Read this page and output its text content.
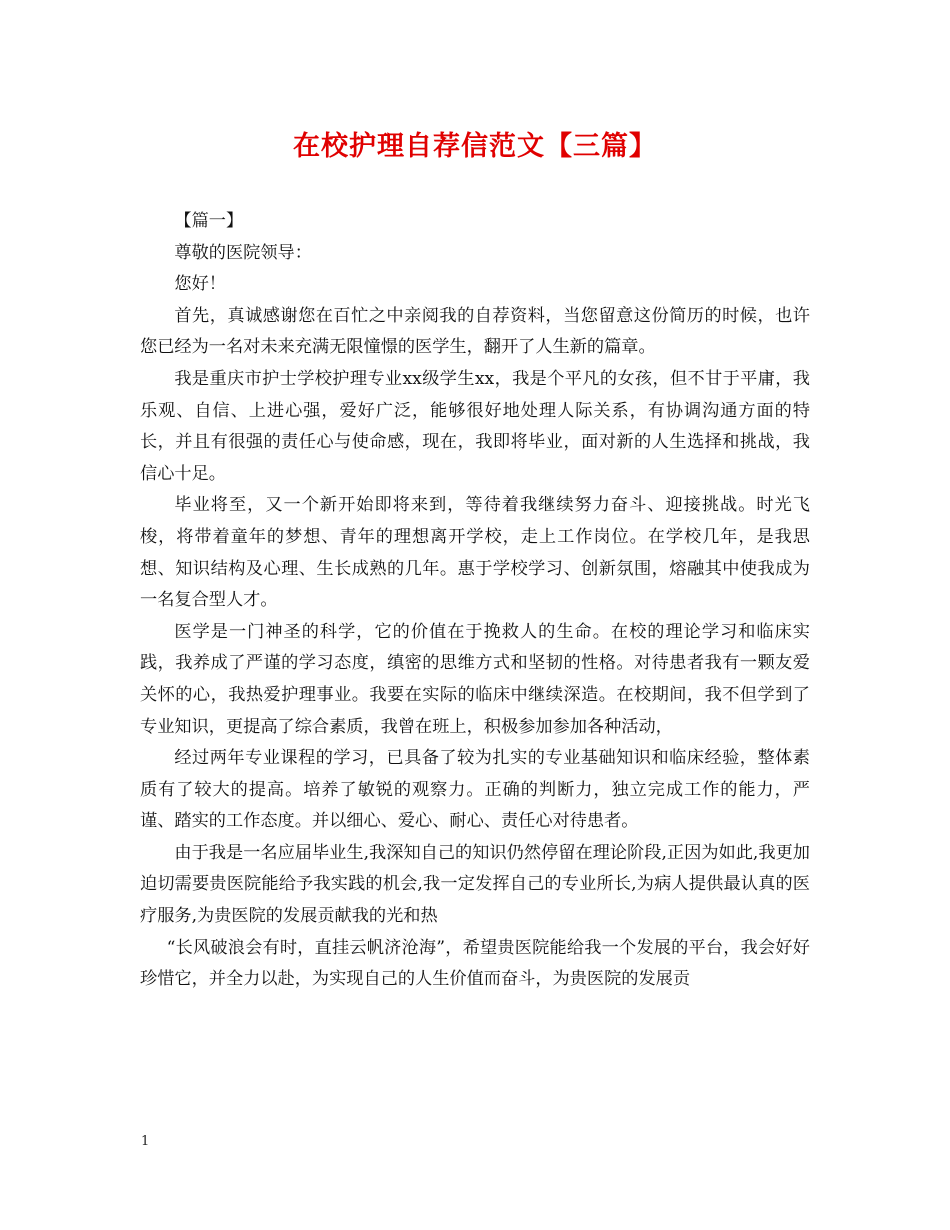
在校护理自荐信范文【三篇】

【篇一】

尊敬的医院领导：

您好！

首先，真诚感谢您在百忙之中亲阅我的自荐资料，当您留意这份简历的时候，也许您已经为一名对未来充满无限憧憬的医学生，翻开了人生新的篇章。

我是重庆市护士学校护理专业xx级学生xx，我是个平凡的女孩，但不甘于平庸，我乐观、自信、上进心强，爱好广泛，能够很好地处理人际关系，有协调沟通方面的特长，并且有很强的责任心与使命感，现在，我即将毕业，面对新的人生选择和挑战，我信心十足。

毕业将至，又一个新开始即将来到，等待着我继续努力奋斗、迎接挑战。时光飞梭，将带着童年的梦想、青年的理想离开学校，走上工作岗位。在学校几年，是我思想、知识结构及心理、生长成熟的几年。惠于学校学习、创新氛围，熔融其中使我成为一名复合型人才。

医学是一门神圣的科学，它的价值在于挽救人的生命。在校的理论学习和临床实践，我养成了严谨的学习态度，缜密的思维方式和坚韧的性格。对待患者我有一颗友爱关怀的心，我热爱护理事业。我要在实际的临床中继续深造。在校期间，我不但学到了专业知识，更提高了综合素质，我曾在班上，积极参加参加各种活动，

经过两年专业课程的学习，已具备了较为扎实的专业基础知识和临床经验，整体素质有了较大的提高。培养了敏锐的观察力。正确的判断力，独立完成工作的能力，严谨、踏实的工作态度。并以细心、爱心、耐心、责任心对待患者。

由于我是一名应届毕业生,我深知自己的知识仍然停留在理论阶段,正因为如此,我更加迫切需要贵医院能给予我实践的机会,我一定发挥自己的专业所长,为病人提供最认真的医疗服务,为贵医院的发展贡献我的光和热

“长风破浪会有时，直挂云帆济沧海”，希望贵医院能给我一个发展的平台，我会好好珍惜它，并全力以赴，为实现自己的人生价值而奋斗，为贵医院的发展贡

1
